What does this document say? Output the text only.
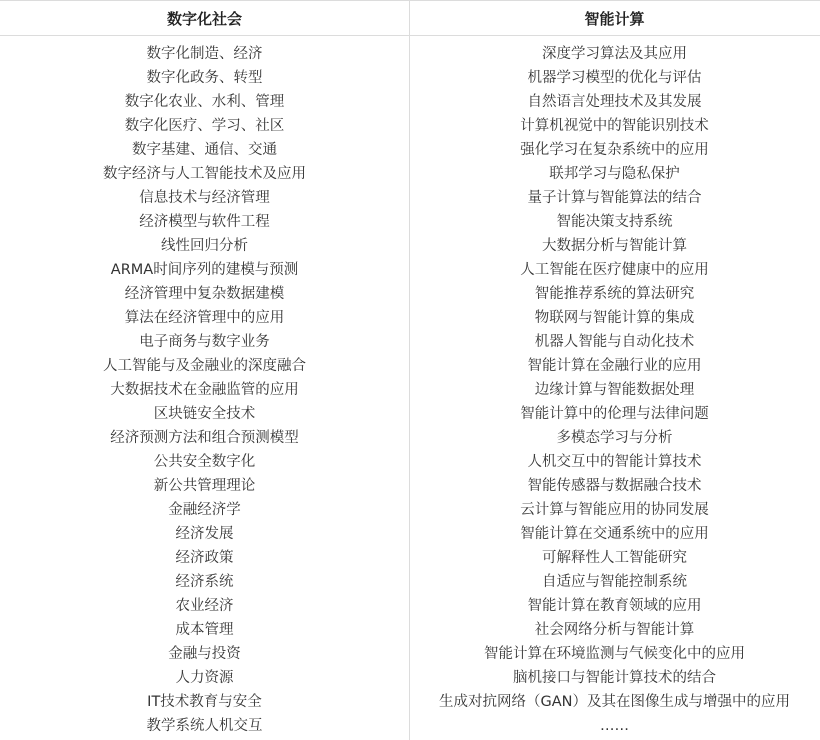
数字化社会	智能计算
数字化制造、经济
数字化政务、转型
数字化农业、水利、管理
数字化医疗、学习、社区
数字基建、通信、交通
数字经济与人工智能技术及应用
信息技术与经济管理
经济模型与软件工程
线性回归分析
ARMA时间序列的建模与预测
经济管理中复杂数据建模
算法在经济管理中的应用
电子商务与数字业务
人工智能与及金融业的深度融合
大数据技术在金融监管的应用
区块链安全技术
经济预测方法和组合预测模型
公共安全数字化
新公共管理理论
金融经济学
经济发展
经济政策
经济系统
农业经济
成本管理
金融与投资
人力资源
IT技术教育与安全
教学系统人机交互
深度学习算法及其应用
机器学习模型的优化与评估
自然语言处理技术及其发展
计算机视觉中的智能识别技术
强化学习在复杂系统中的应用
联邦学习与隐私保护
量子计算与智能算法的结合
智能决策支持系统
大数据分析与智能计算
人工智能在医疗健康中的应用
智能推荐系统的算法研究
物联网与智能计算的集成
机器人智能与自动化技术
智能计算在金融行业的应用
边缘计算与智能数据处理
智能计算中的伦理与法律问题
多模态学习与分析
人机交互中的智能计算技术
智能传感器与数据融合技术
云计算与智能应用的协同发展
智能计算在交通系统中的应用
可解释性人工智能研究
自适应与智能控制系统
智能计算在教育领域的应用
社会网络分析与智能计算
智能计算在环境监测与气候变化中的应用
脑机接口与智能计算技术的结合
生成对抗网络（GAN）及其在图像生成与增强中的应用
……
